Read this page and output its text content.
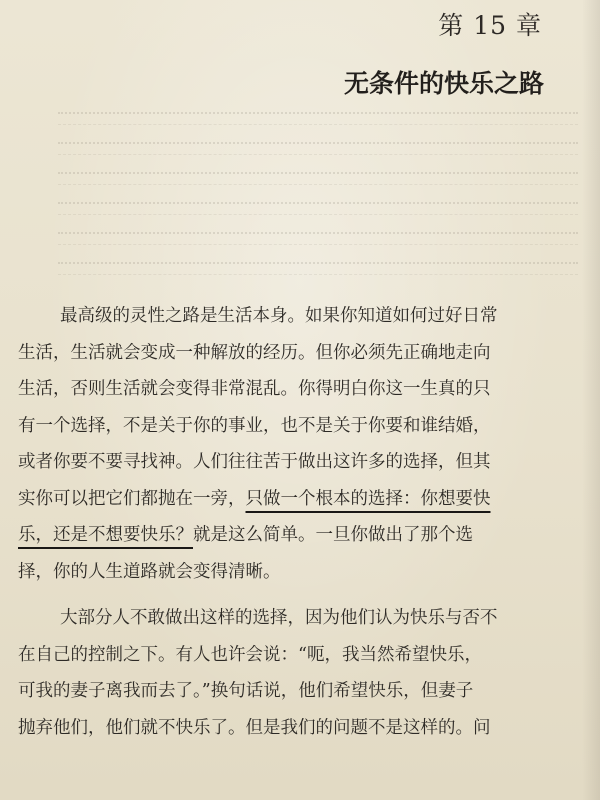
第 15 章
无条件的快乐之路
最高级的灵性之路是生活本身。如果你知道如何过好日常
生活，生活就会变成一种解放的经历。但你必须先正确地走向
生活，否则生活就会变得非常混乱。你得明白你这一生真的只
有一个选择，不是关于你的事业，也不是关于你要和谁结婚，
或者你要不要寻找神。人们往往苦于做出这许多的选择，但其
实你可以把它们都抛在一旁，只做一个根本的选择：你想要快
乐，还是不想要快乐？就是这么简单。一旦你做出了那个选
择，你的人生道路就会变得清晰。
大部分人不敢做出这样的选择，因为他们认为快乐与否不
在自己的控制之下。有人也许会说：“呃，我当然希望快乐，
可我的妻子离我而去了。”换句话说，他们希望快乐，但妻子
抛弃他们，他们就不快乐了。但是我们的问题不是这样的。问
